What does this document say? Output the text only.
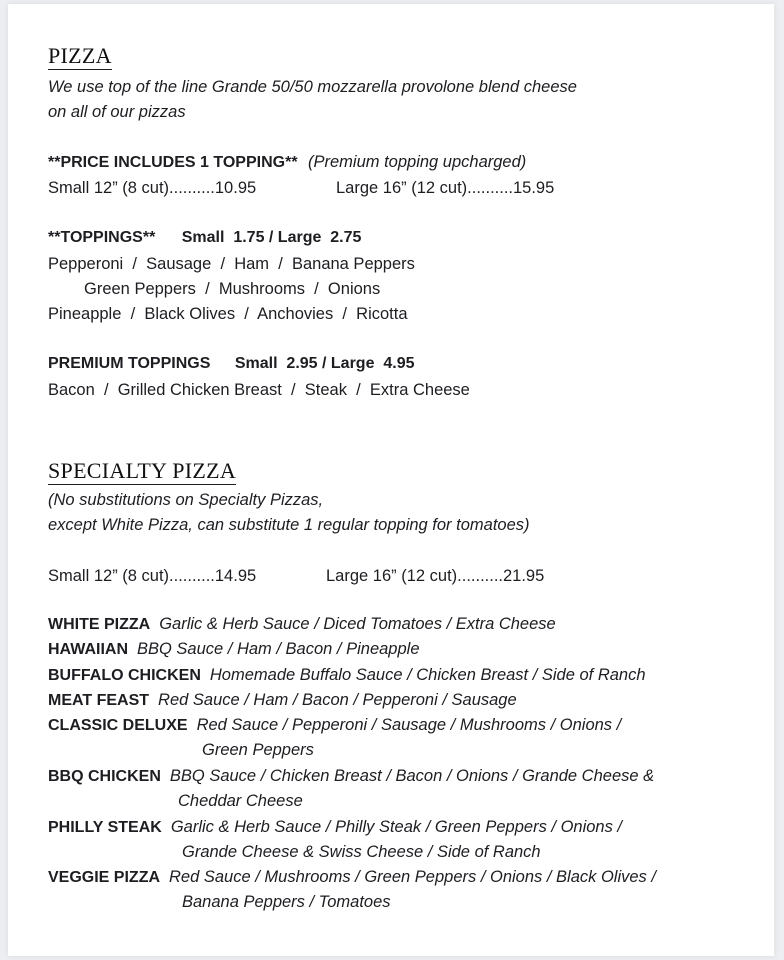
PIZZA
We use top of the line Grande 50/50 mozzarella provolone blend cheese
on all of our pizzas
**PRICE INCLUDES 1 TOPPING** (Premium topping upcharged)
Small 12” (8 cut)..........10.95	Large 16” (12 cut)..........15.95
**TOPPINGS** Small  1.75 / Large  2.75
Pepperoni  /  Sausage  /  Ham  /  Banana Peppers
Green Peppers  /  Mushrooms  /  Onions
Pineapple  /  Black Olives  /  Anchovies  /  Ricotta
PREMIUM TOPPINGS Small  2.95 / Large  4.95
Bacon  /  Grilled Chicken Breast  /  Steak  /  Extra Cheese
SPECIALTY PIZZA
(No substitutions on Specialty Pizzas,
except White Pizza, can substitute 1 regular topping for tomatoes)
Small 12” (8 cut)..........14.95	Large 16” (12 cut)..........21.95
WHITE PIZZA Garlic & Herb Sauce / Diced Tomatoes / Extra Cheese
HAWAIIAN BBQ Sauce / Ham / Bacon / Pineapple
BUFFALO CHICKEN Homemade Buffalo Sauce / Chicken Breast / Side of Ranch
MEAT FEAST Red Sauce / Ham / Bacon / Pepperoni / Sausage
CLASSIC DELUXE Red Sauce / Pepperoni / Sausage / Mushrooms / Onions /
Green Peppers
BBQ CHICKEN BBQ Sauce / Chicken Breast / Bacon / Onions / Grande Cheese &
Cheddar Cheese
PHILLY STEAK Garlic & Herb Sauce / Philly Steak / Green Peppers / Onions /
Grande Cheese & Swiss Cheese / Side of Ranch
VEGGIE PIZZA Red Sauce / Mushrooms / Green Peppers / Onions / Black Olives /
Banana Peppers / Tomatoes
